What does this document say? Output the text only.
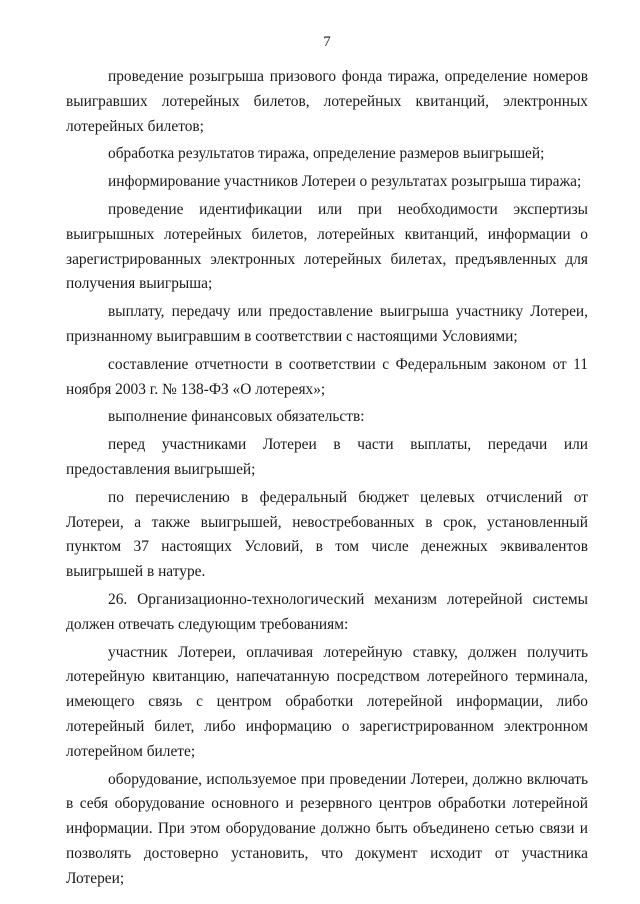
7

проведение розыгрыша призового фонда тиража, определение номеров выигравших лотерейных билетов, лотерейных квитанций, электронных лотерейных билетов;

обработка результатов тиража, определение размеров выигрышей;

информирование участников Лотереи о результатах розыгрыша тиража;

проведение идентификации или при необходимости экспертизы выигрышных лотерейных билетов, лотерейных квитанций, информации о зарегистрированных электронных лотерейных билетах, предъявленных для получения выигрыша;

выплату, передачу или предоставление выигрыша участнику Лотереи, признанному выигравшим в соответствии с настоящими Условиями;

составление отчетности в соответствии с Федеральным законом от 11 ноября 2003 г. № 138-ФЗ «О лотереях»;

выполнение финансовых обязательств:

перед участниками Лотереи в части выплаты, передачи или предоставления выигрышей;

по перечислению в федеральный бюджет целевых отчислений от Лотереи, а также выигрышей, невостребованных в срок, установленный пунктом 37 настоящих Условий, в том числе денежных эквивалентов выигрышей в натуре.

26. Организационно-технологический механизм лотерейной системы должен отвечать следующим требованиям:

участник Лотереи, оплачивая лотерейную ставку, должен получить лотерейную квитанцию, напечатанную посредством лотерейного терминала, имеющего связь с центром обработки лотерейной информации, либо лотерейный билет, либо информацию о зарегистрированном электронном лотерейном билете;

оборудование, используемое при проведении Лотереи, должно включать в себя оборудование основного и резервного центров обработки лотерейной информации. При этом оборудование должно быть объединено сетью связи и позволять достоверно установить, что документ исходит от участника Лотереи;
